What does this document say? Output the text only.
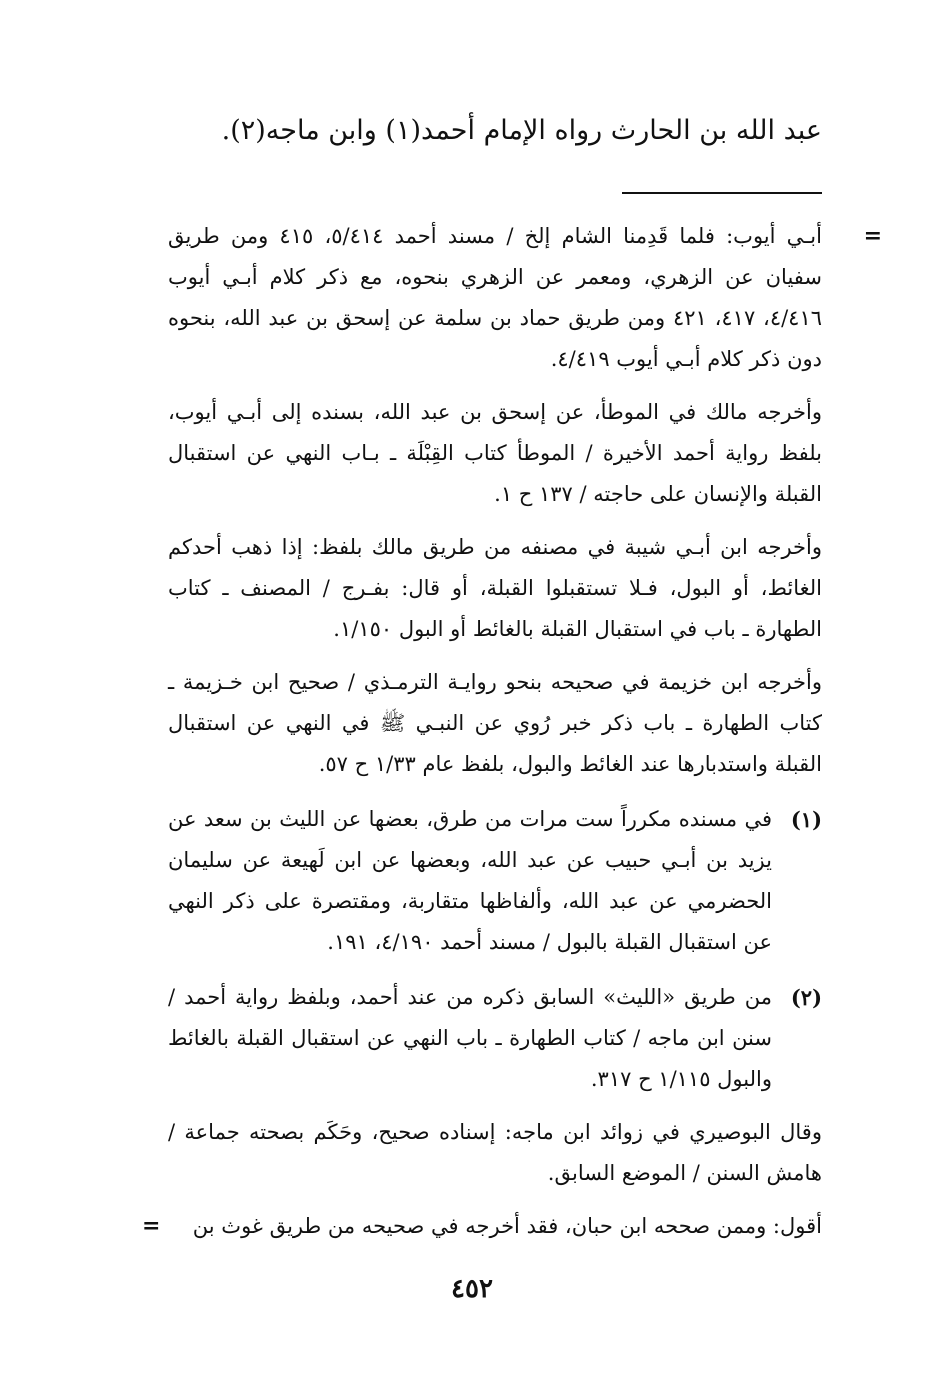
عبد الله بن الحارث رواه الإمام أحمد(١) وابن ماجه(٢).

=
أبـي أيوب: فلما قَدِمنا الشام إلخ / مسند أحمد ٥/٤١٤، ٤١٥ ومن طريق سفيان عن الزهري، ومعمر عن الزهري بنحوه، مع ذكر كلام أبـي أيوب ٤/٤١٦، ٤١٧، ٤٢١ ومن طريق حماد بن سلمة عن إسحق بن عبد الله، بنحوه دون ذكر كلام أبـي أيوب ٤/٤١٩.

وأخرجه مالك في الموطأ، عن إسحق بن عبد الله، بسنده إلى أبـي أيوب، بلفظ رواية أحمد الأخيرة / الموطأ كتاب القِبْلَة ـ بـاب النهي عن استقبال القبلة والإنسان على حاجته / ١٣٧ ح ١.

وأخرجه ابن أبـي شيبة في مصنفه من طريق مالك بلفظ: إذا ذهب أحدكم الغائط، أو البول، فـلا تستقبلوا القبلة، أو قال: بفـرج / المصنف ـ كتاب الطهارة ـ باب في استقبال القبلة بالغائط أو البول ١/١٥٠.

وأخرجه ابن خزيمة في صحيحه بنحو روايـة الترمـذي / صحيح ابن خـزيمة ـ كتاب الطهارة ـ باب ذكر خبر رُوي عن النبـي ﷺ في النهي عن استقبال القبلة واستدبارها عند الغائط والبول، بلفظ عام ١/٣٣ ح ٥٧.

(١)
في مسنده مكرراً ست مرات من طرق، بعضها عن الليث بن سعد عن يزيد بن أبـي حبيب عن عبد الله، وبعضها عن ابن لَهيعة عن سليمان الحضرمي عن عبد الله، وألفاظها متقاربة، ومقتصرة على ذكر النهي عن استقبال القبلة بالبول / مسند أحمد ٤/١٩٠، ١٩١.

(٢)
من طريق «الليث» السابق ذكره من عند أحمد، وبلفظ رواية أحمد / سنن ابن ماجه / كتاب الطهارة ـ باب النهي عن استقبال القبلة بالغائط والبول ١/١١٥ ح ٣١٧.

وقال البوصيري في زوائد ابن ماجه: إسناده صحيح، وحَكَم بصحته جماعة / هامش السنن / الموضع السابق.

أقول: وممن صححه ابن حبان، فقد أخرجه في صحيحه من طريق غوث بن
=

٤٥٢
